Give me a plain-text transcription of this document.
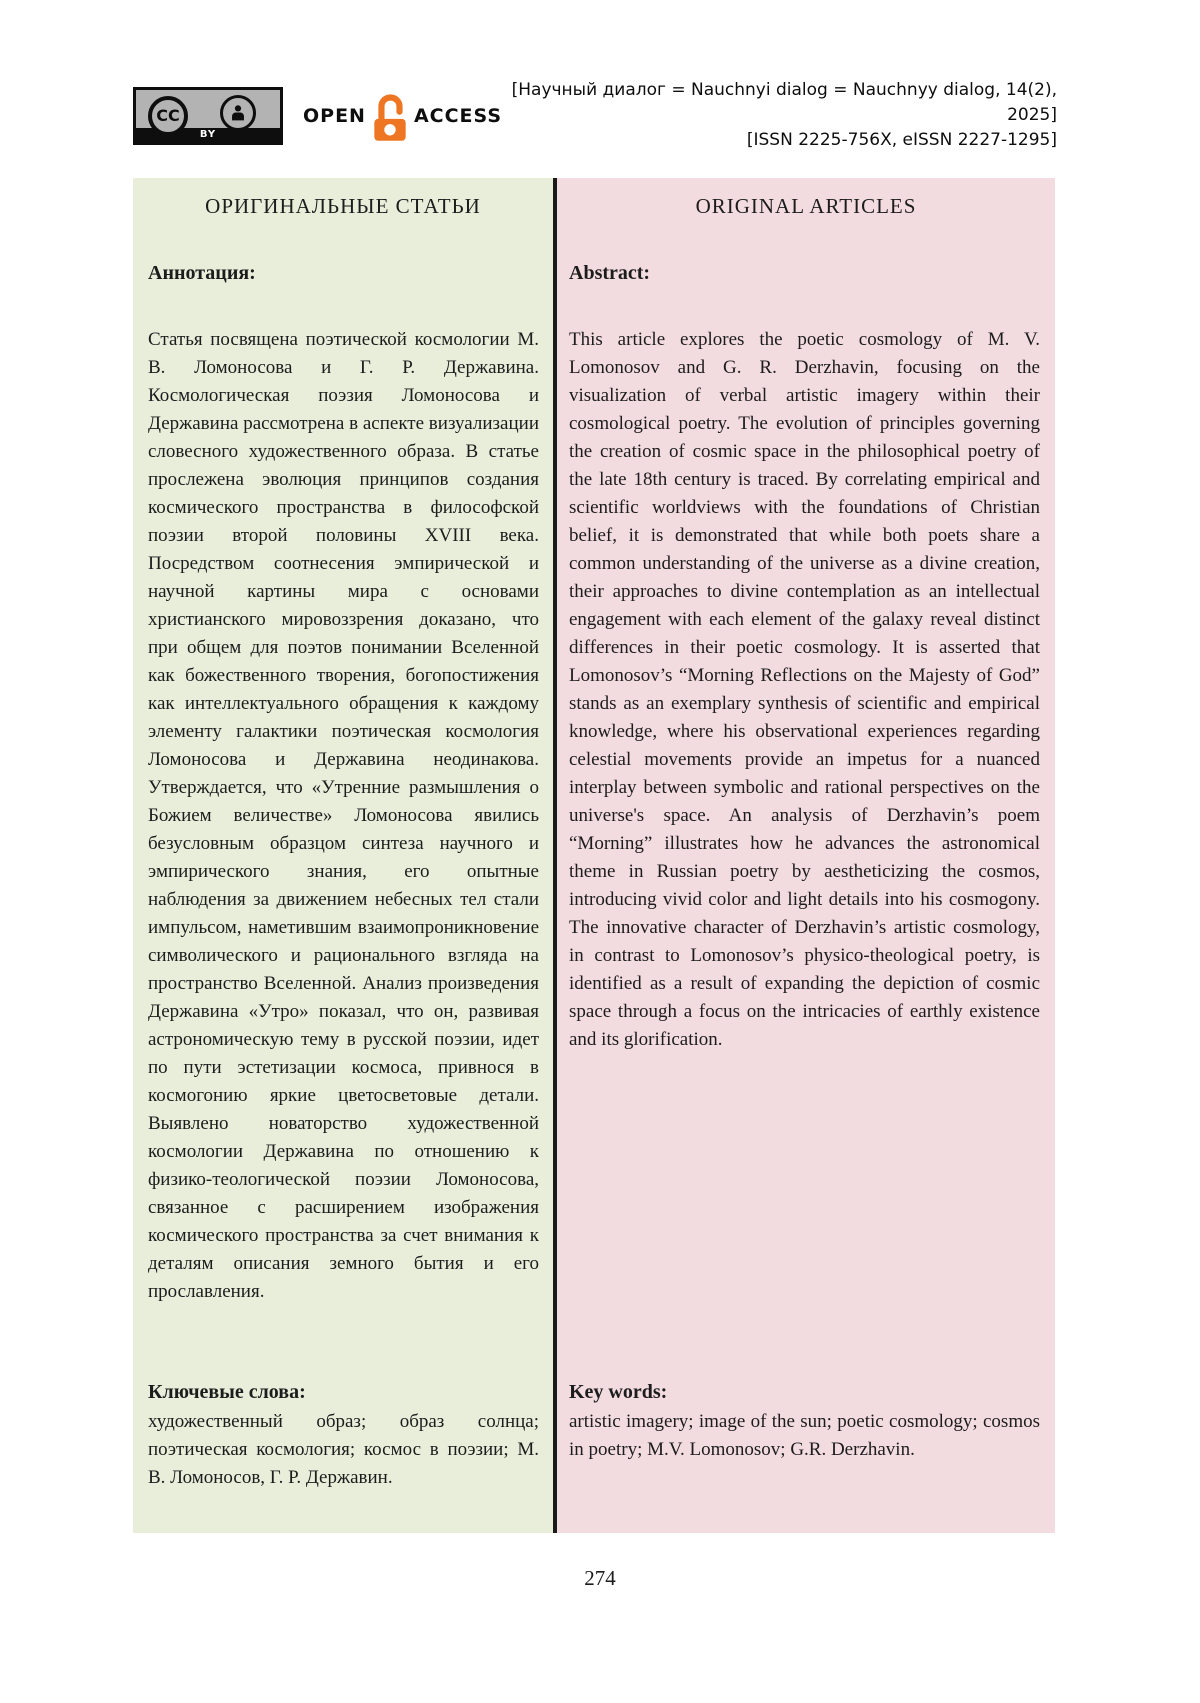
CC
BY
OPEN	ACCESS
[Научный диалог = Nauchnyi dialog = Nauchnyy dialog, 14(2), 2025]
[ISSN 2225-756X, eISSN 2227-1295]
ОРИГИНАЛЬНЫЕ СТАТЬИ
Аннотация:

Статья посвящена поэтической космологии М. В. Ломоносова и Г. Р. Державина. Космологическая поэзия Ломоносова и Державина рассмотрена в аспекте визуализации словесного художественного образа. В статье прослежена эволюция принципов создания космического пространства в философской поэзии второй половины XVIII века. Посредством соотнесения эмпирической и научной картины мира с основами христианского мировоззрения доказано, что при общем для поэтов понимании Вселенной как божественного творения, богопостижения как интеллектуального обращения к каждому элементу галактики поэтическая космология Ломоносова и Державина неодинакова. Утверждается, что «Утренние размышления о Божием величестве» Ломоносова явились безусловным образцом синтеза научного и эмпирического знания, его опытные наблюдения за движением небесных тел стали импульсом, наметившим взаимопроникновение символического и рационального взгляда на пространство Вселенной. Анализ произведения Державина «Утро» показал, что он, развивая астрономическую тему в русской поэзии, идет по пути эстетизации космоса, привнося в космогонию яркие цветосветовые детали. Выявлено новаторство художественной космологии Державина по отношению к физико-теологической поэзии Ломоносова, связанное с расширением изображения космического пространства за счет внимания к деталям описания земного бытия и его прославления.

Ключевые слова:

художественный образ; образ солнца; поэтическая космология; космос в поэзии; М. В. Ломоносов, Г. Р. Державин.

ORIGINAL ARTICLES
Abstract:

This article explores the poetic cosmology of M. V. Lomonosov and G. R. Derzhavin, focusing on the visualization of verbal artistic imagery within their cosmological poetry. The evolution of principles governing the creation of cosmic space in the philosophical poetry of the late 18th century is traced. By correlating empirical and scientific worldviews with the foundations of Christian belief, it is demonstrated that while both poets share a common understanding of the universe as a divine creation, their approaches to divine contemplation as an intellectual engagement with each element of the galaxy reveal distinct differences in their poetic cosmology. It is asserted that Lomonosov’s “Morning Reflections on the Majesty of God” stands as an exemplary synthesis of scientific and empirical knowledge, where his observational experiences regarding celestial movements provide an impetus for a nuanced interplay between symbolic and rational perspectives on the universe's space. An analysis of Derzhavin’s poem “Morning” illustrates how he advances the astronomical theme in Russian poetry by aestheticizing the cosmos, introducing vivid color and light details into his cosmogony. The innovative character of Derzhavin’s artistic cosmology, in contrast to Lomonosov’s physico-theological poetry, is identified as a result of expanding the depiction of cosmic space through a focus on the intricacies of earthly existence and its glorification.

Key words:

artistic imagery; image of the sun; poetic cosmology; cosmos in poetry; M.V. Lomonosov; G.R. Derzhavin.

274
